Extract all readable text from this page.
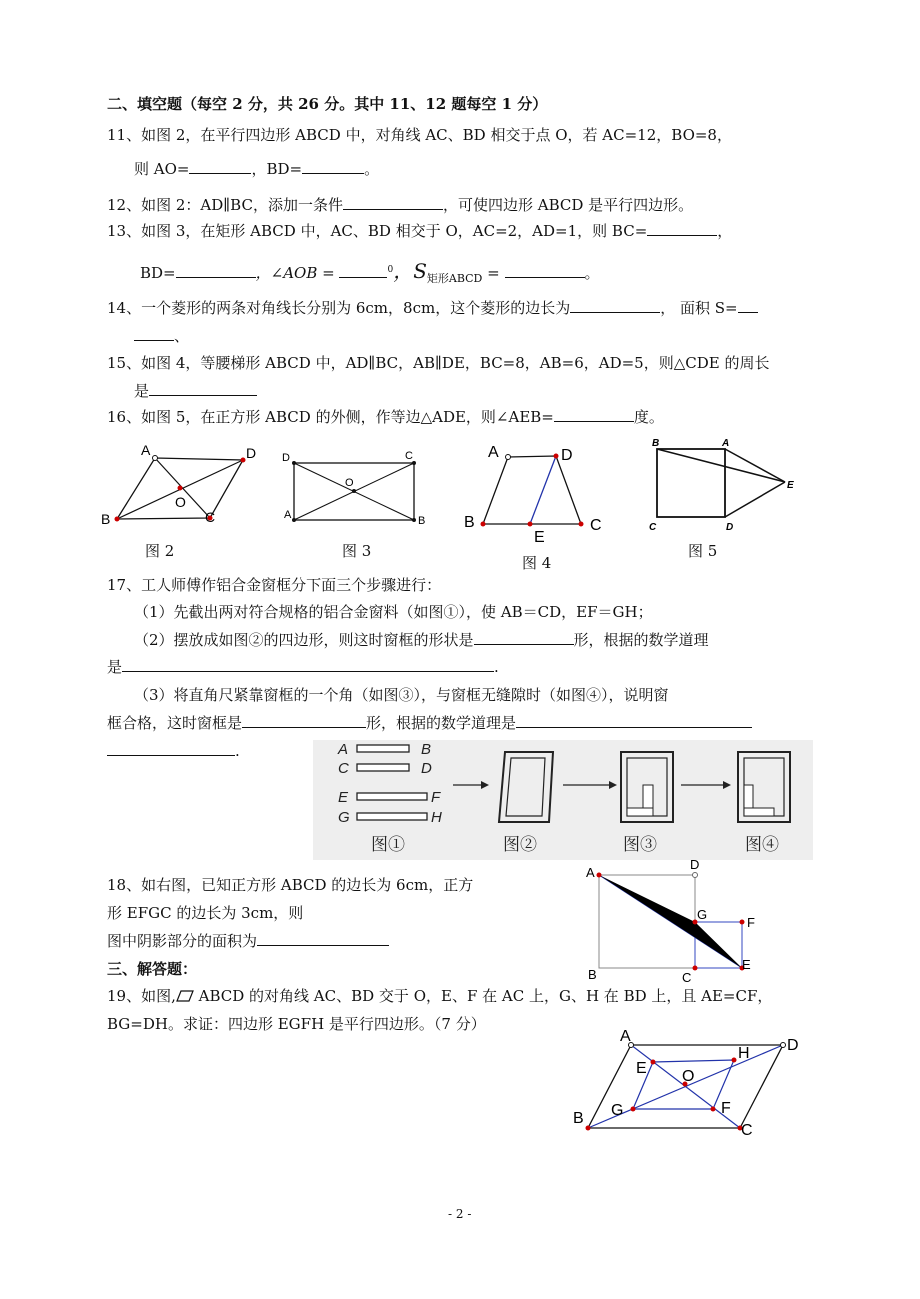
二、填空题（每空 2 分，共 26 分。其中 11、12 题每空 1 分）
11、如图 2，在平行四边形 ABCD 中，对角线 AC、BD 相交于点 O，若 AC=12，BO=8，
则 AO=	，BD=	。
12、如图 2：AD∥BC，添加一条件	，可使四边形 ABCD 是平行四边形。
13、如图 3，在矩形 ABCD 中，AC、BD 相交于 O，AC=2，AD=1，则 BC=	，
BD=	，∠AOB =	$^0$，$S_{矩形ABCD}$ =	。
14、一个菱形的两条对角线长分别为 6cm，8cm，这个菱形的边长为	， 面积 S=
、
15、如图 4，等腰梯形 ABCD 中，AD∥BC，AB∥DE，BC=8，AB=6，AD=5，则△CDE 的周长
是
16、如图 5，在正方形 ABCD 的外侧，作等边△ADE，则∠AEB=	度。
A	D
B	C
O
D	C
A	B
O
A	D
B	C
E
B	A
E
C	D
图 2	图 3
图 4
图 5
17、工人师傅作铝合金窗框分下面三个步骤进行：
（1）先截出两对符合规格的铝合金窗料（如图①），使 AB＝CD，EF＝GH；
（2）摆放成如图②的四边形，则这时窗框的形状是	形，根据的数学道理
是	.
（3）将直角尺紧靠窗框的一个角（如图③），与窗框无缝隙时（如图④），说明窗
框合格，这时窗框是	形，根据的数学道理是
.	A	B
C	D
E	F
G	H
图①	图②	图③	图④
18、如右图，已知正方形 ABCD 的边长为 6cm，正方
形 EFGC 的边长为 3cm，则
图中阴影部分的面积为
A
D
G
F
E
B	C
三、解答题：
19、如图, ABCD 的对角线 AC、BD 交于 O，E、F 在 AC 上，G、H 在 BD 上，且 AE=CF，
BG=DH。求证：四边形 EGFH 是平行四边形。（7 分）
A
D
B
C
E
H
G	F
O
- 2 -
